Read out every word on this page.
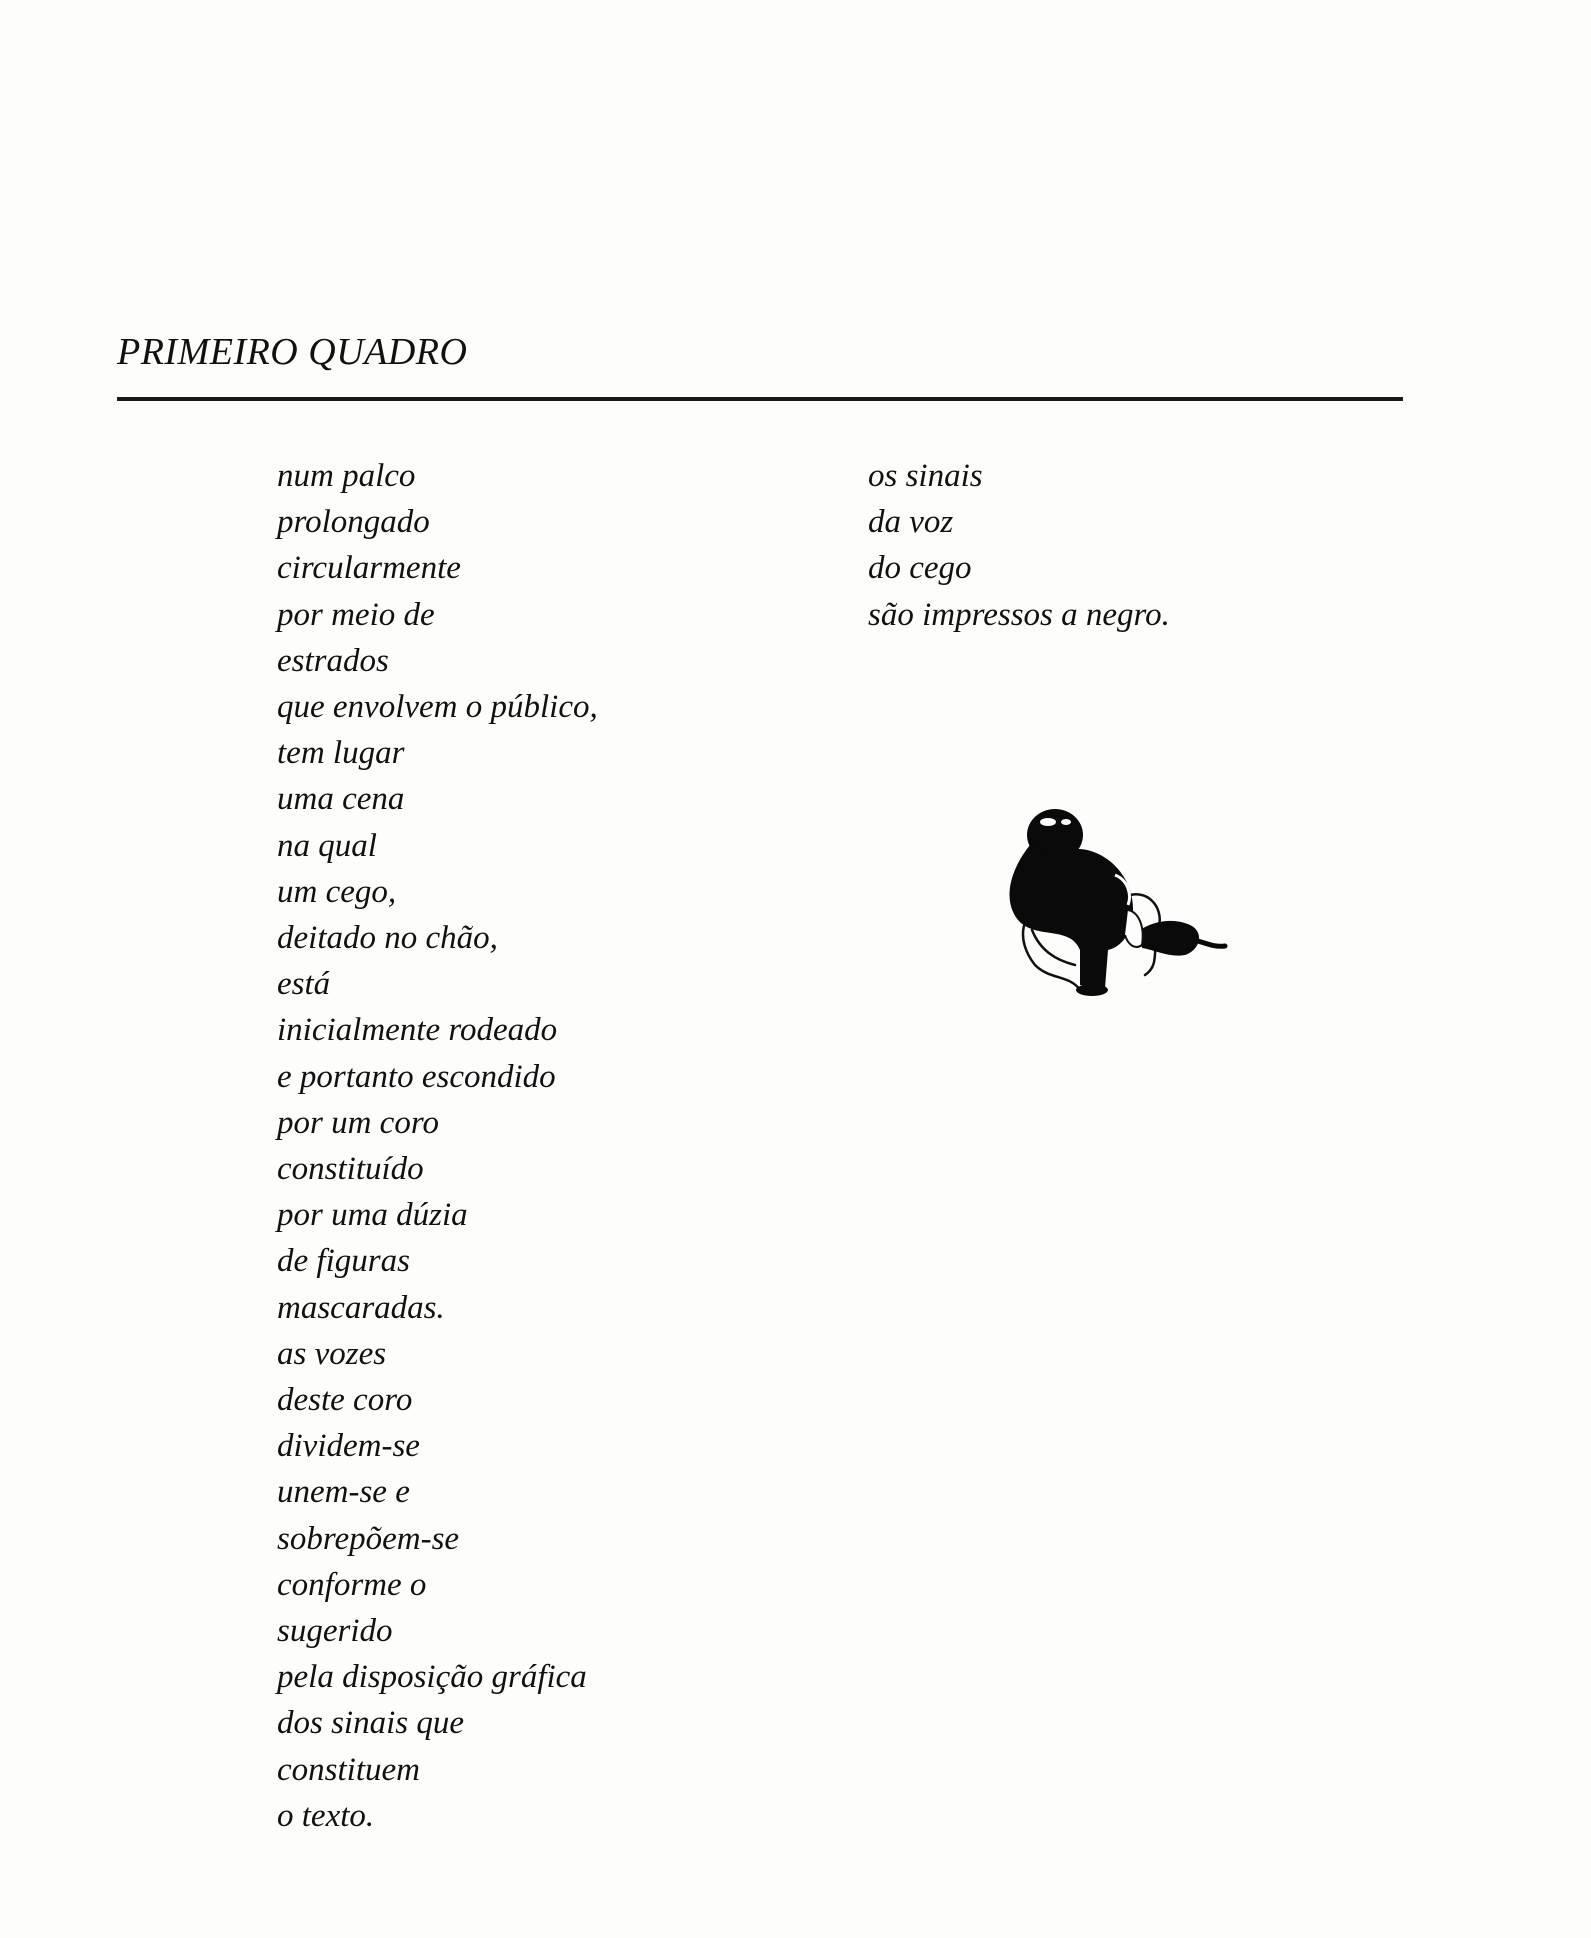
PRIMEIRO QUADRO
num palco
prolongado
circularmente
por meio de
estrados
que envolvem o público,
tem lugar
uma cena
na qual
um cego,
deitado no chão,
está
inicialmente rodeado
e portanto escondido
por um coro
constituído
por uma dúzia
de figuras
mascaradas.
as vozes
deste coro
dividem-se
unem-se e
sobrepõem-se
conforme o
sugerido
pela disposição gráfica
dos sinais que
constituem
o texto.
os sinais
da voz
do cego
são impressos a negro.
